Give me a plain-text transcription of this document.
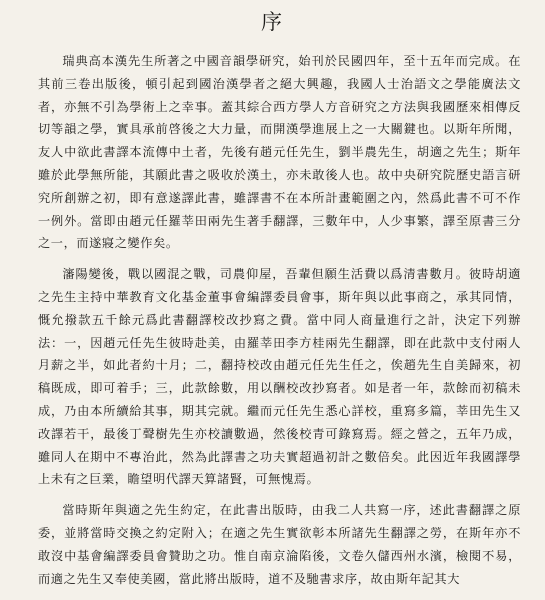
序

瑞典高本漢先生所著之中國音韻學研究，始刊於民國四年，至十五年而完成。在其前三卷出版後，頓引起到國治漢學者之絕大興趣，我國人士治語文之學能廣法文者，亦無不引為學術上之幸事。蓋其綜合西方學人方音研究之方法與我國歷來相傳反切等韻之學，實具承前啓後之大力量，而開漢學進展上之一大關鍵也。以斯年所聞，友人中欲此書譯本流傳中土者，先後有趙元任先生，劉半農先生，胡適之先生；斯年雖於此學無所能，其願此書之吸收於漢土，亦未敢後人也。故中央研究院歷史語言研究所創辦之初，即有意遂譯此書，雖譯書不在本所計畫範圍之內，然爲此書不可不作一例外。當即由趙元任羅莘田兩先生著手翻譯，三數年中，人少事繁，譯至原書三分之一，而遂寢之變作矣。

瀋陽變後，戰以國混之戰，司農仰屋，吾輩但願生活費以爲清書數月。彼時胡適之先生主持中華教育文化基金董事會編譯委員會事，斯年與以此事商之，承其同情，慨允撥款五千餘元爲此書翻譯校改抄寫之費。當中同人商量進行之計，決定下列辦法：一，因趙元任先生彼時赴美，由羅莘田李方桂兩先生翻譯，即在此款中支付兩人月薪之半，如此者約十月；二，翻持校改由趙元任先生任之，俟趙先生自美歸來，初稿既成，即可着手；三，此款餘數，用以酬校改抄寫者。如是者一年，款餘而初稿未成，乃由本所續給其事，期其完就。繼而元任先生悉心詳校，重寫多篇，莘田先生又改譯若干，最後丁聲樹先生亦校讀數過，然後校青可錄寫焉。經之營之，五年乃成，雖同人在期中不專治此，然為此譯書之功夫實超過初計之數倍矣。此因近年我國譯學上未有之巨業，瞻望明代譯天算諸賢，可無愧焉。

當時斯年與適之先生約定，在此書出版時，由我二人共寫一序，述此書翻譯之原委，並將當時交換之約定附入；在適之先生實欲彰本所諸先生翻譯之勞，在斯年亦不敢沒中基會編譯委員會贊助之功。惟自南京淪陷後，文卷久儲西州水濱，檢閱不易，而適之先生又奉使美國，當此將出版時，道不及馳書求序，故由斯年記其大
